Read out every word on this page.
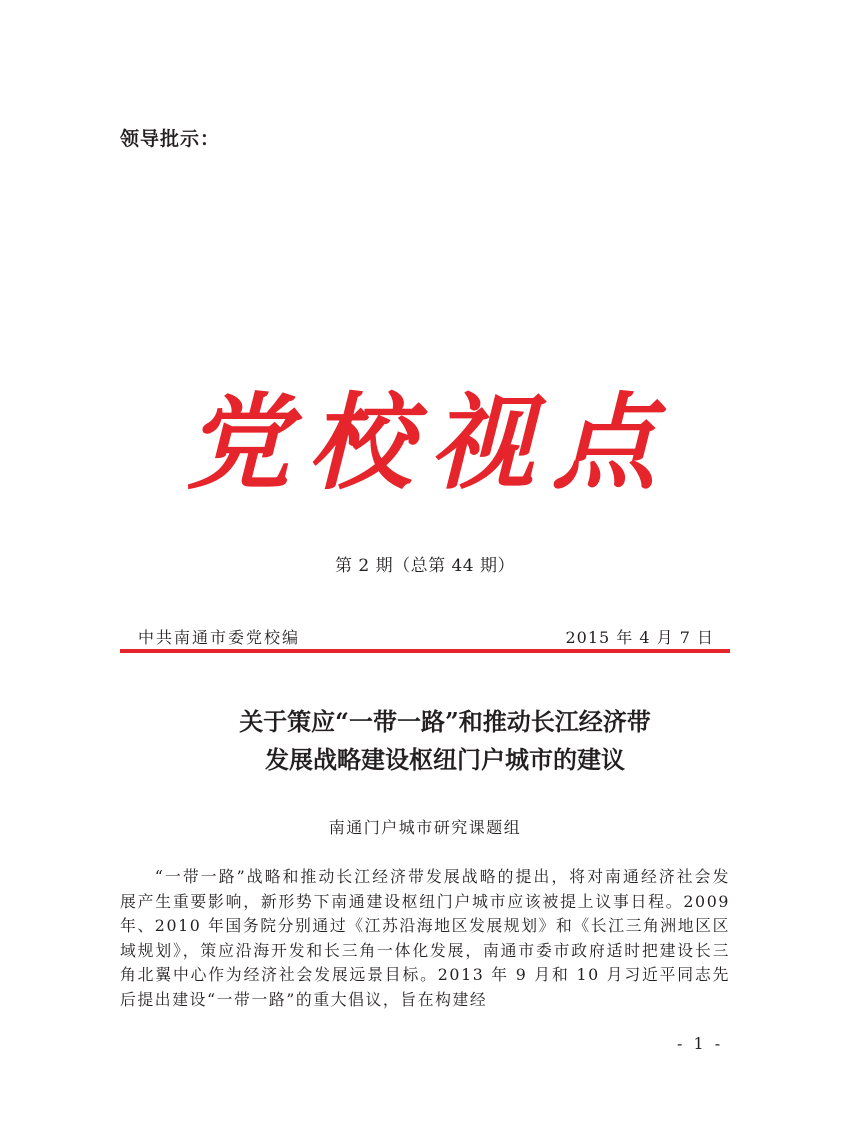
领导批示：
党校视点
第 2 期（总第 44 期）
中共南通市委党校编	2015 年 4 月 7 日
关于策应“一带一路”和推动长江经济带
发展战略建设枢纽门户城市的建议
南通门户城市研究课题组

“一带一路”战略和推动长江经济带发展战略的提出，将对南通经济社会发展产生重要影响，新形势下南通建设枢纽门户城市应该被提上议事日程。2009 年、2010 年国务院分别通过《江苏沿海地区发展规划》和《长江三角洲地区区域规划》，策应沿海开发和长三角一体化发展，南通市委市政府适时把建设长三角北翼中心作为经济社会发展远景目标。2013 年 9 月和 10 月习近平同志先后提出建设“一带一路”的重大倡议，旨在构建经

- 1 -
